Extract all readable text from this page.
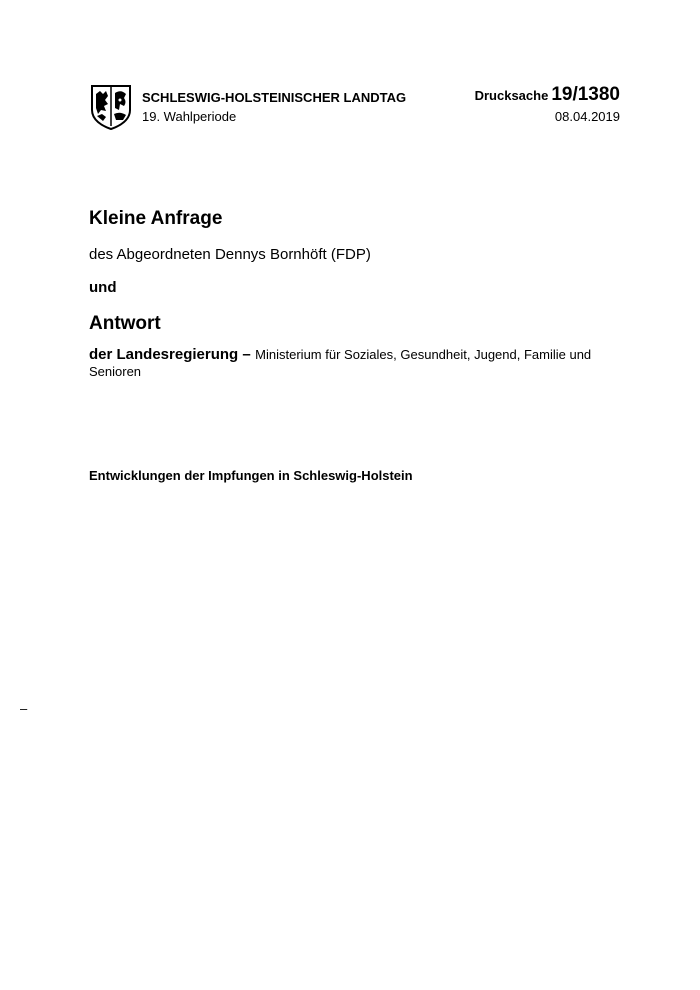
SCHLESWIG-HOLSTEINISCHER LANDTAG
19. Wahlperiode
Drucksache 19/1380
08.04.2019
Kleine Anfrage
des Abgeordneten Dennys Bornhöft (FDP)
und
Antwort
der Landesregierung – Ministerium für Soziales, Gesundheit, Jugend, Familie und Senioren
Entwicklungen der Impfungen in Schleswig-Holstein
–
